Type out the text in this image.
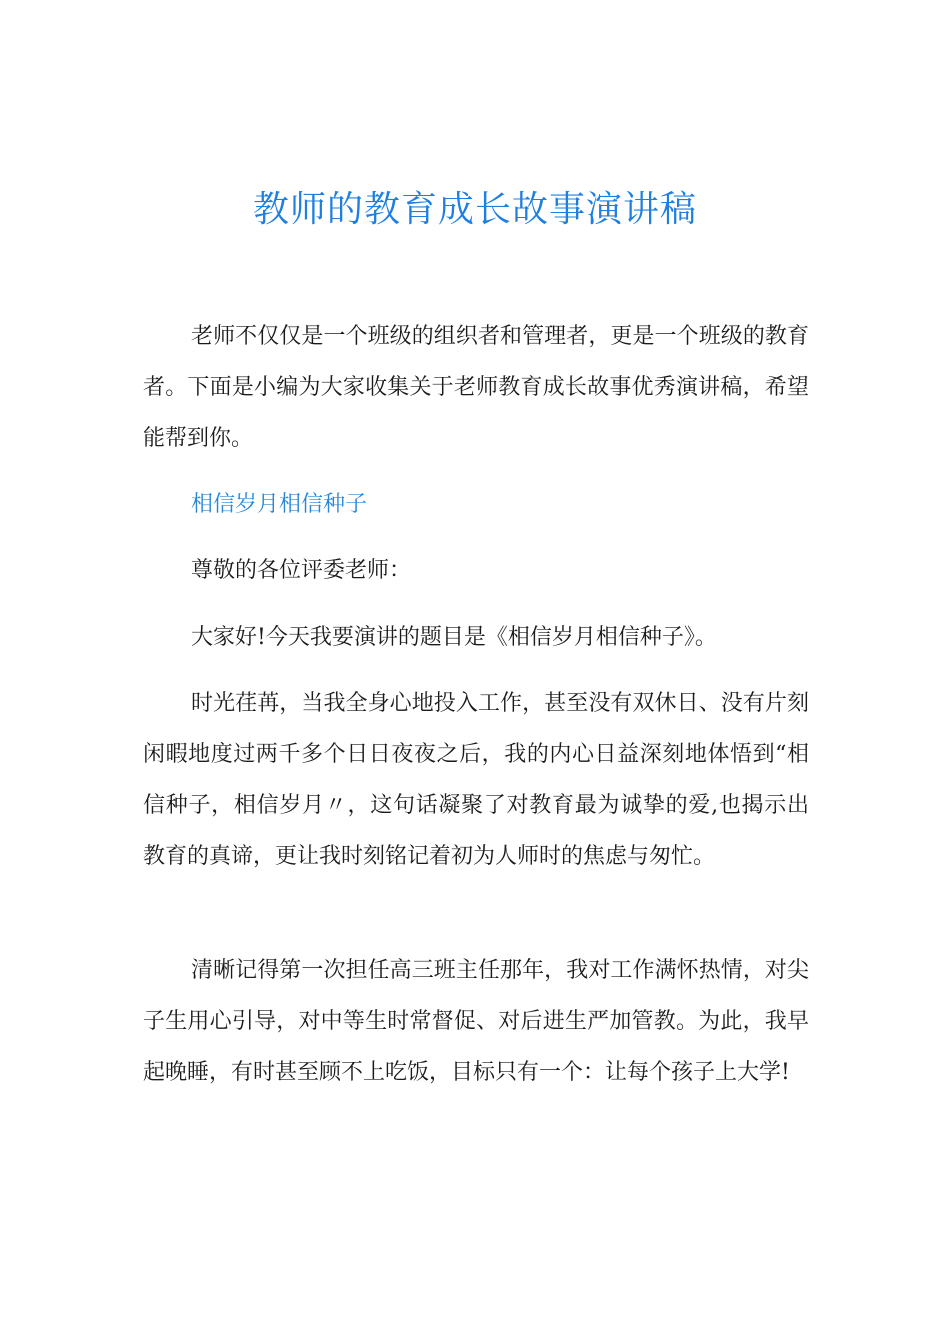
教师的教育成长故事演讲稿

老师不仅仅是一个班级的组织者和管理者，更是一个班级的教育者。下面是小编为大家收集关于老师教育成长故事优秀演讲稿，希望能帮到你。

相信岁月相信种子

尊敬的各位评委老师：

大家好!今天我要演讲的题目是《相信岁月相信种子》。

时光荏苒，当我全身心地投入工作，甚至没有双休日、没有片刻闲暇地度过两千多个日日夜夜之后，我的内心日益深刻地体悟到“相信种子，相信岁月〃，这句话凝聚了对教育最为诚挚的爱,也揭示出教育的真谛，更让我时刻铭记着初为人师时的焦虑与匆忙。

清晰记得第一次担任高三班主任那年，我对工作满怀热情，对尖子生用心引导，对中等生时常督促、对后进生严加管教。为此，我早起晚睡，有时甚至顾不上吃饭，目标只有一个：让每个孩子上大学!
